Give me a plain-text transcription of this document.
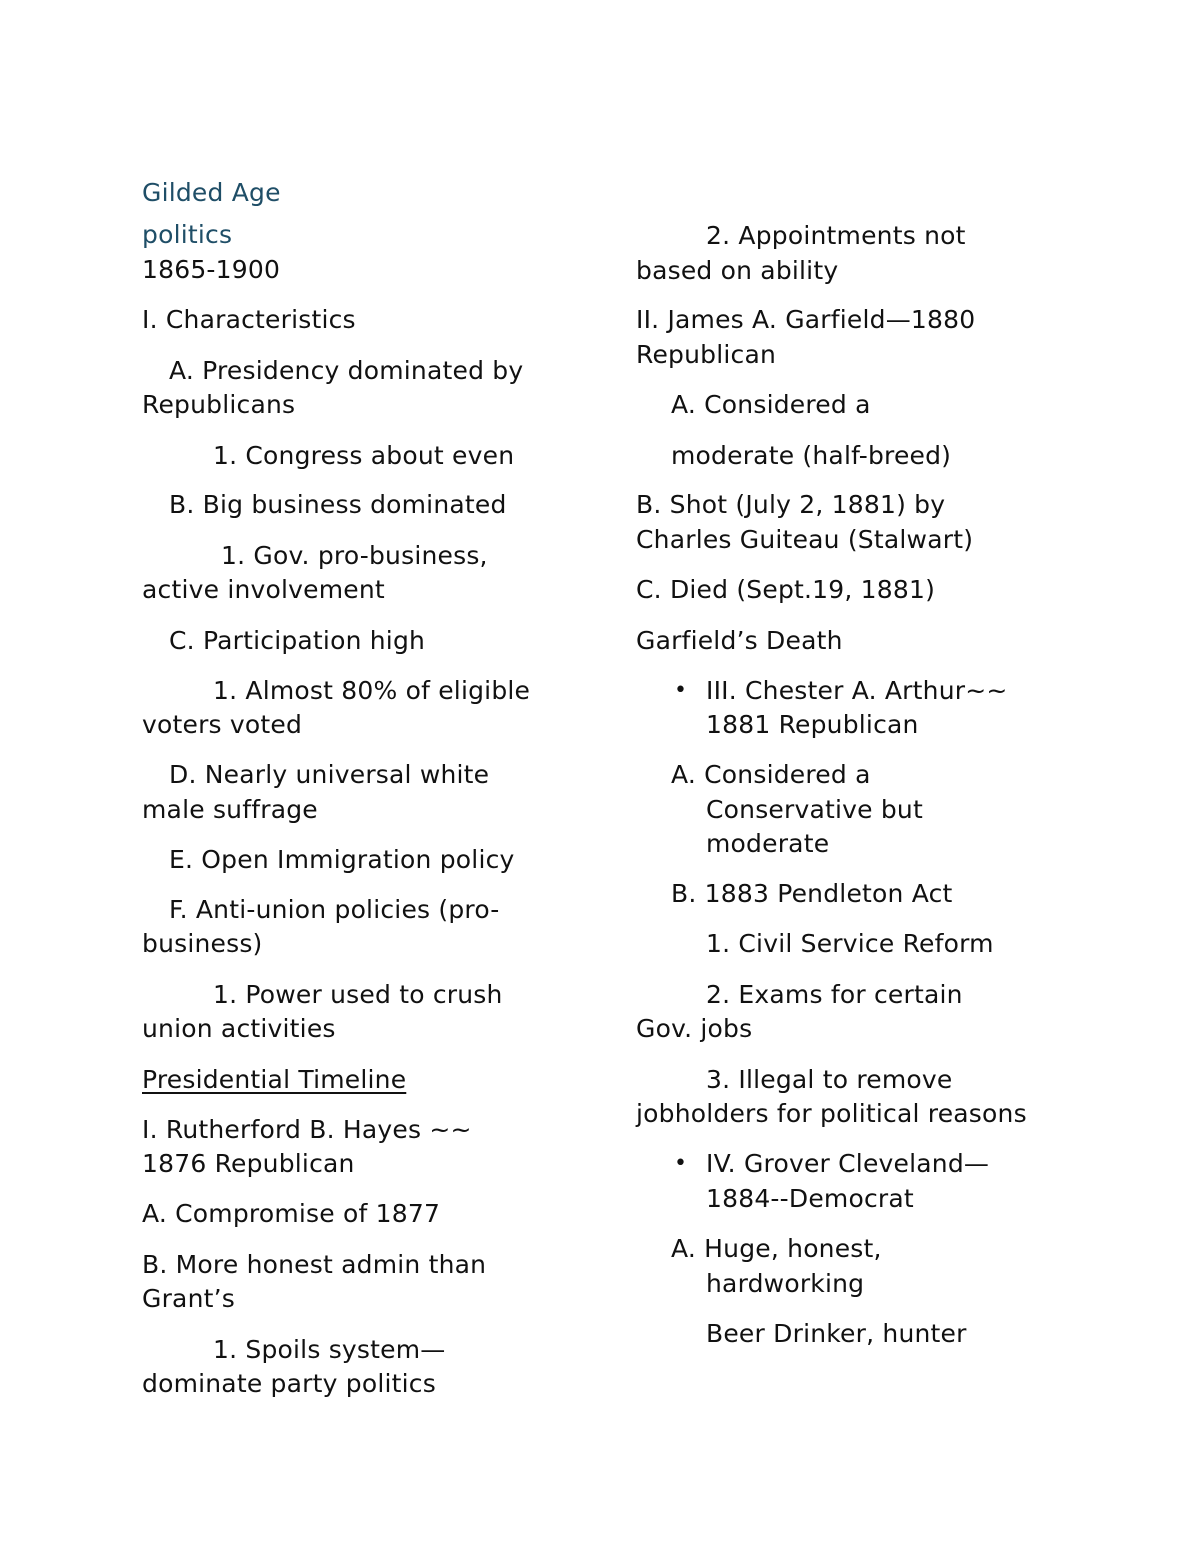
Gilded Age
politics
1865-1900
I. Characteristics
A. Presidency dominated by
Republicans
1. Congress about even
B. Big business dominated
1. Gov. pro-business,
active involvement
C. Participation high
1. Almost 80% of eligible
voters voted
D. Nearly universal white
male suffrage
E. Open Immigration policy
F. Anti-union policies (pro-
business)
1. Power used to crush
union activities
Presidential Timeline
I. Rutherford B. Hayes ~~
1876 Republican
A. Compromise of 1877
B. More honest admin than
Grant’s
1. Spoils system—
dominate party politics
2. Appointments not
based on ability
II. James A. Garfield—1880
Republican
A. Considered a
moderate (half-breed)
B. Shot (July 2, 1881) by
Charles Guiteau (Stalwart)
C. Died (Sept.19, 1881)
Garfield’s Death
• III. Chester A. Arthur~~
1881 Republican
A. Considered a
Conservative but
moderate
B. 1883 Pendleton Act
1. Civil Service Reform
2. Exams for certain
Gov. jobs
3. Illegal to remove
jobholders for political reasons
• IV. Grover Cleveland—
1884--Democrat
A. Huge, honest,
hardworking
Beer Drinker, hunter
